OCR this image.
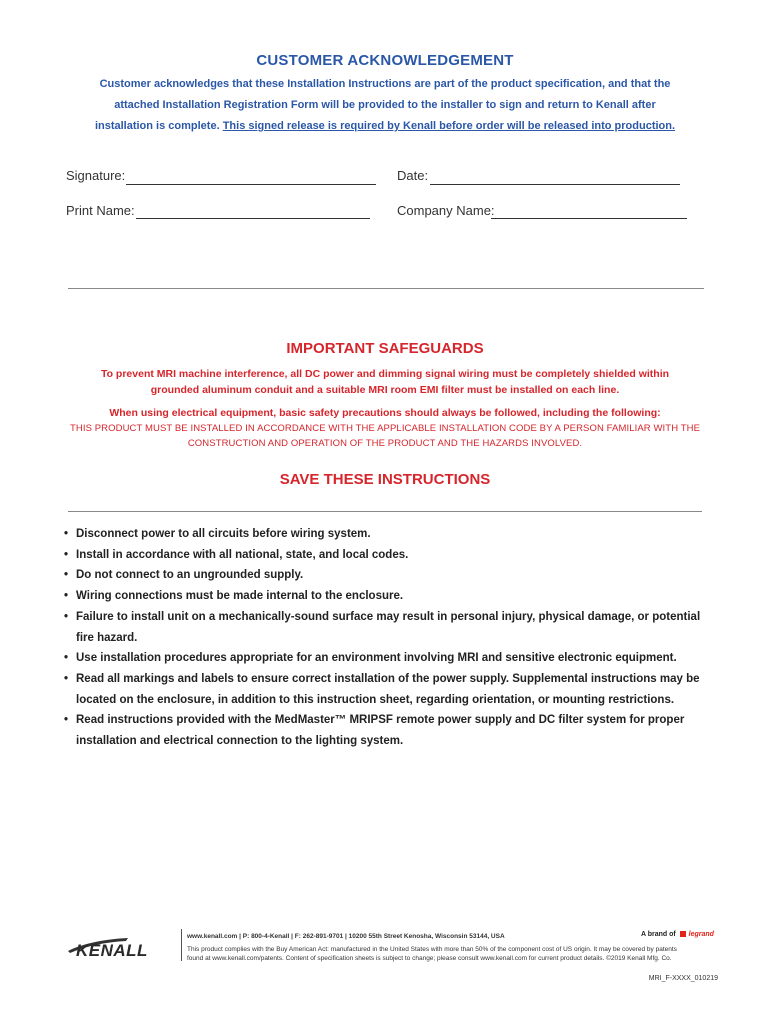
CUSTOMER ACKNOWLEDGEMENT
Customer acknowledges that these Installation Instructions are part of the product specification, and that the
attached Installation Registration Form will be provided to the installer to sign and return to Kenall after
installation is complete. This signed release is required by Kenall before order will be released into production.
Signature:	Date:
Print Name:	Company Name:
IMPORTANT SAFEGUARDS
To prevent MRI machine interference, all DC power and dimming signal wiring must be completely shielded within
grounded aluminum conduit and a suitable MRI room EMI filter must be installed on each line.
When using electrical equipment, basic safety precautions should always be followed, including the following:
THIS PRODUCT MUST BE INSTALLED IN ACCORDANCE WITH THE APPLICABLE INSTALLATION CODE BY A PERSON FAMILIAR WITH THE
CONSTRUCTION AND OPERATION OF THE PRODUCT AND THE HAZARDS INVOLVED.
SAVE THESE INSTRUCTIONS
• Disconnect power to all circuits before wiring system.
• Install in accordance with all national, state, and local codes.
• Do not connect to an ungrounded supply.
• Wiring connections must be made internal to the enclosure.
• Failure to install unit on a mechanically-sound surface may result in personal injury, physical damage, or potential fire hazard.
• Use installation procedures appropriate for an environment involving MRI and sensitive electronic equipment.
• Read all markings and labels to ensure correct installation of the power supply. Supplemental instructions may be located on the enclosure, in addition to this instruction sheet, regarding orientation, or mounting restrictions.
• Read instructions provided with the MedMaster™ MRIPSF remote power supply and DC filter system for proper installation and electrical connection to the lighting system.
KENALL
www.kenall.com | P: 800-4-Kenall | F: 262-891-9701 | 10200 55th Street Kenosha, Wisconsin 53144, USA	A brand of legrand
This product complies with the Buy American Act: manufactured in the United States with more than 50% of the component cost of US origin. It may be covered by patents
found at www.kenall.com/patents. Content of specification sheets is subject to change; please consult www.kenall.com for current product details. ©2019 Kenall Mfg. Co.
MRI_F-XXXX_010219
